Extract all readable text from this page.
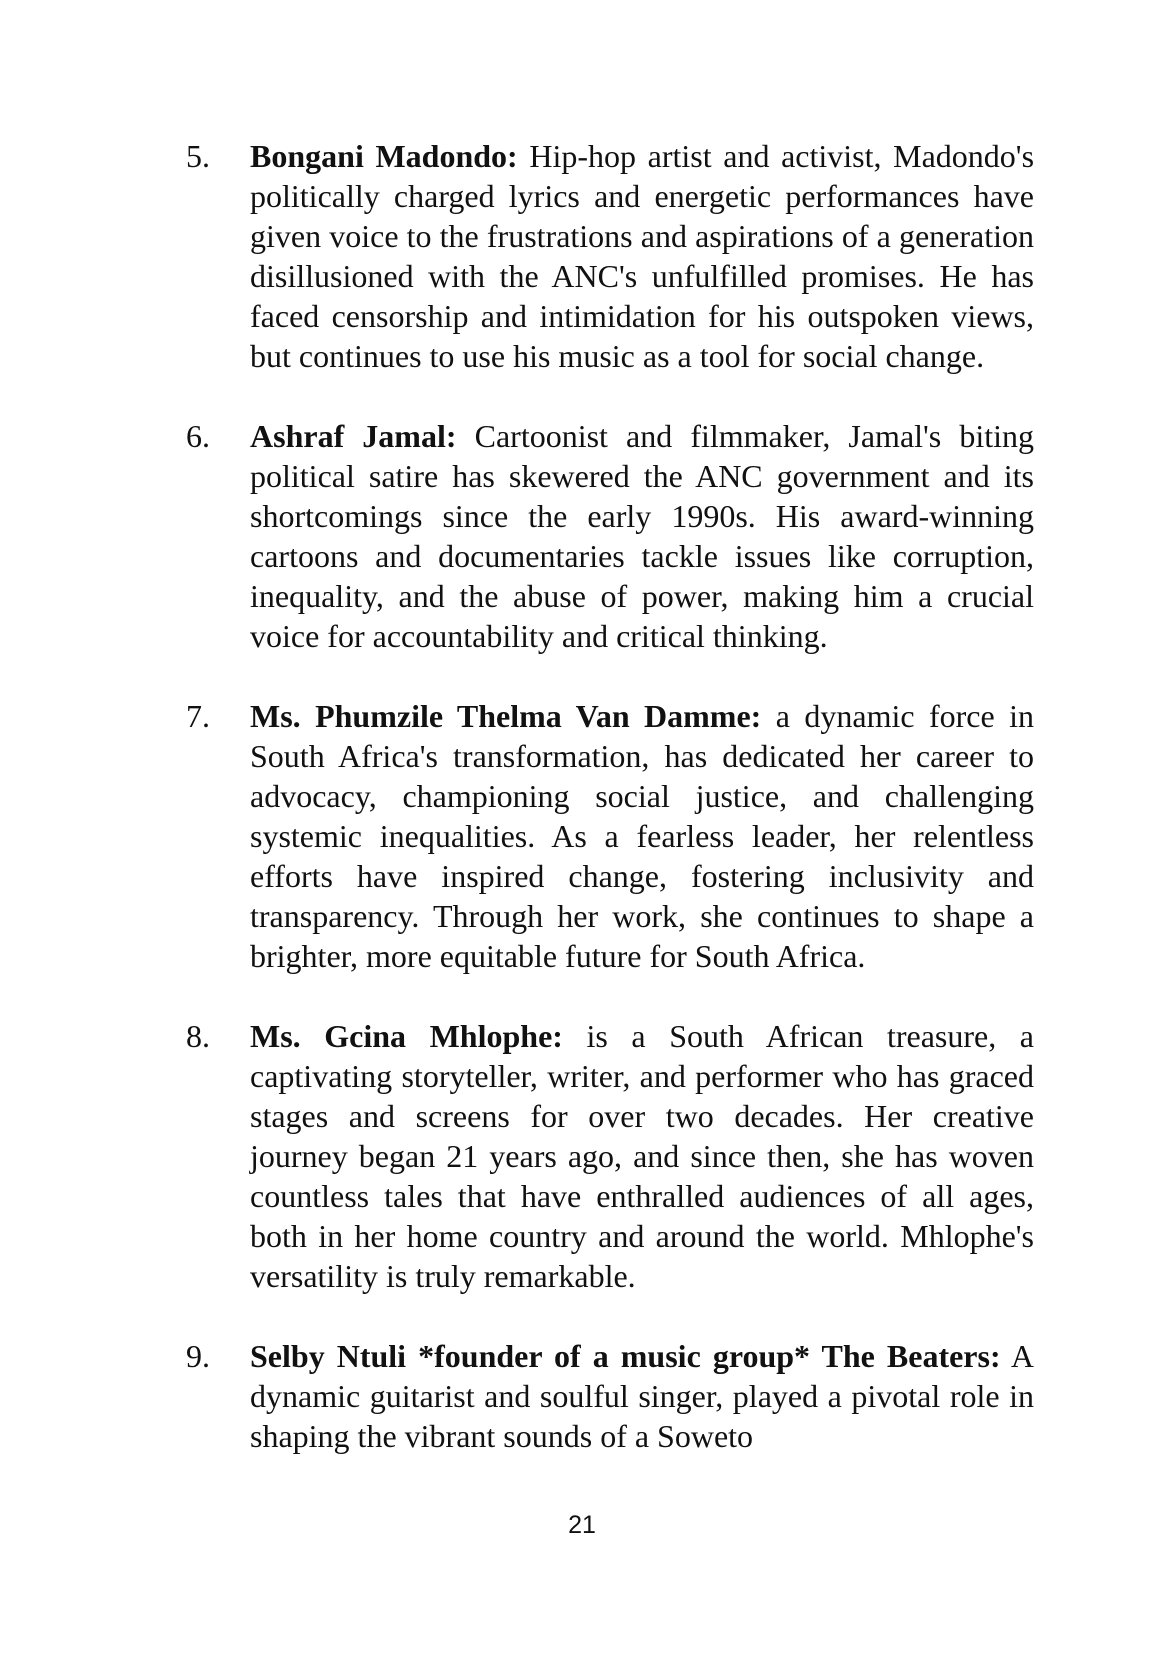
5. Bongani Madondo: Hip-hop artist and activist, Madondo's politically charged lyrics and energetic performances have given voice to the frustrations and aspirations of a generation disillusioned with the ANC's unfulfilled promises. He has faced censorship and intimidation for his outspoken views, but continues to use his music as a tool for social change.
6. Ashraf Jamal: Cartoonist and filmmaker, Jamal's biting political satire has skewered the ANC government and its shortcomings since the early 1990s. His award-winning cartoons and documentaries tackle issues like corruption, inequality, and the abuse of power, making him a crucial voice for accountability and critical thinking.
7. Ms. Phumzile Thelma Van Damme: a dynamic force in South Africa's transformation, has dedicated her career to advocacy, championing social justice, and challenging systemic inequalities. As a fearless leader, her relentless efforts have inspired change, fostering inclusivity and transparency. Through her work, she continues to shape a brighter, more equitable future for South Africa.
8. Ms. Gcina Mhlophe: is a South African treasure, a captivating storyteller, writer, and performer who has graced stages and screens for over two decades. Her creative journey began 21 years ago, and since then, she has woven countless tales that have enthralled audiences of all ages, both in her home country and around the world. Mhlophe's versatility is truly remarkable.
9. Selby Ntuli *founder of a music group* The Beaters: A dynamic guitarist and soulful singer, played a pivotal role in shaping the vibrant sounds of a Soweto
21
